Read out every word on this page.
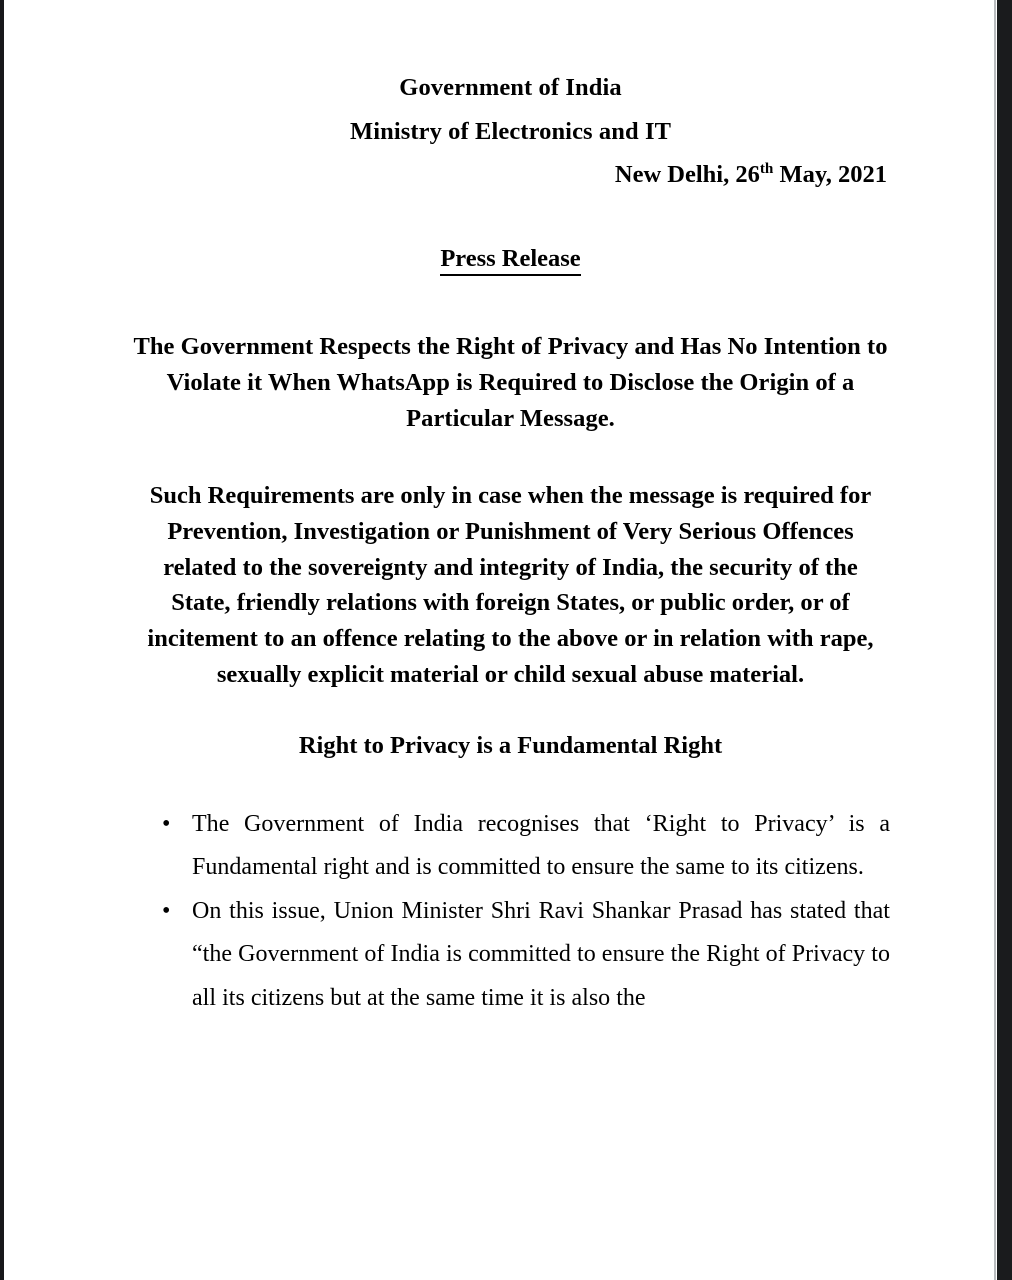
Government of India
Ministry of Electronics and IT
New Delhi, 26th May, 2021
Press Release
The Government Respects the Right of Privacy and Has No Intention to Violate it When WhatsApp is Required to Disclose the Origin of a Particular Message.
Such Requirements are only in case when the message is required for Prevention, Investigation or Punishment of Very Serious Offences related to the sovereignty and integrity of India, the security of the State, friendly relations with foreign States, or public order, or of incitement to an offence relating to the above or in relation with rape, sexually explicit material or child sexual abuse material.
Right to Privacy is a Fundamental Right
• The Government of India recognises that ‘Right to Privacy’ is a Fundamental right and is committed to ensure the same to its citizens.
• On this issue, Union Minister Shri Ravi Shankar Prasad has stated that “the Government of India is committed to ensure the Right of Privacy to all its citizens but at the same time it is also the
